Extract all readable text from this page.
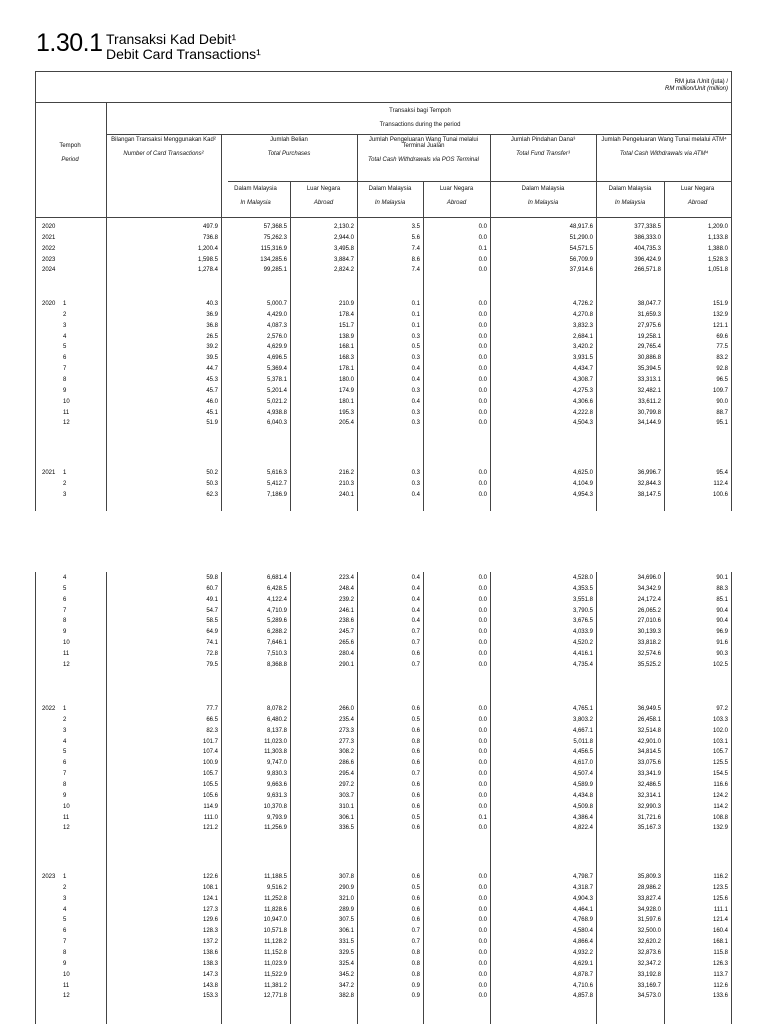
1.30.1 Transaksi Kad Debit¹
Debit Card Transactions¹
RM juta /Unit (juta) /
RM million/Unit (million)
Tempoh
Period
Transaksi bagi Tempoh
Transactions during the period
Bilangan Transaksi Menggunakan Kad²
Number of Card Transactions²
Jumlah Belian
Total Purchases
Jumlah Pengeluaran Wang Tunai melalui
Terminal Jualan
Total Cash Withdrawals via POS Terminal
Jumlah Pindahan Dana³
Total Fund Transfer³
Jumlah Pengeluaran Wang Tunai melalui ATM⁴
Total Cash Withdrawals via ATM⁴
Dalam Malaysia
In Malaysia
Luar Negara
Abroad
Dalam Malaysia
In Malaysia
Luar Negara
Abroad
Dalam Malaysia
In Malaysia
Dalam Malaysia
In Malaysia
Luar Negara
Abroad
2020	497.9	57,368.5	2,130.2	3.5	0.0	48,917.6	377,338.5	1,209.0
2021	736.8	75,262.3	2,944.0	5.6	0.0	51,290.0	386,333.0	1,133.8
2022	1,200.4	115,316.9	3,495.8	7.4	0.1	54,571.5	404,735.3	1,388.0
2023	1,598.5	134,285.6	3,884.7	8.6	0.0	56,709.9	396,424.9	1,528.3
2024	1,278.4	99,285.1	2,824.2	7.4	0.0	37,914.6	266,571.8	1,051.8
2020 1	40.3	5,000.7	210.9	0.1	0.0	4,726.2	38,047.7	151.9
2	36.9	4,429.0	178.4	0.1	0.0	4,270.8	31,659.3	132.9
3	36.8	4,087.3	151.7	0.1	0.0	3,832.3	27,975.6	121.1
4	26.5	2,576.0	138.9	0.3	0.0	2,684.1	19,258.1	69.6
5	39.2	4,629.9	168.1	0.5	0.0	3,420.2	29,765.4	77.5
6	39.5	4,696.5	168.3	0.3	0.0	3,931.5	30,886.8	83.2
7	44.7	5,369.4	178.1	0.4	0.0	4,434.7	35,394.5	92.8
8	45.3	5,378.1	180.0	0.4	0.0	4,308.7	33,313.1	96.5
9	45.7	5,201.4	174.9	0.3	0.0	4,275.3	32,482.1	109.7
10	46.0	5,021.2	180.1	0.4	0.0	4,306.6	33,611.2	90.0
11	45.1	4,938.8	195.3	0.3	0.0	4,222.8	30,799.8	88.7
12	51.9	6,040.3	205.4	0.3	0.0	4,504.3	34,144.9	95.1
2021 1	50.2	5,616.3	216.2	0.3	0.0	4,625.0	36,996.7	95.4
2	50.3	5,412.7	210.3	0.3	0.0	4,104.9	32,844.3	112.4
3	62.3	7,186.9	240.1	0.4	0.0	4,954.3	38,147.5	100.6
4	59.8	6,681.4	223.4	0.4	0.0	4,528.0	34,696.0	90.1
5	60.7	6,428.5	248.4	0.4	0.0	4,353.5	34,342.9	88.3
6	49.1	4,122.4	239.2	0.4	0.0	3,551.8	24,172.4	85.1
7	54.7	4,710.9	246.1	0.4	0.0	3,790.5	26,065.2	90.4
8	58.5	5,289.6	238.6	0.4	0.0	3,676.5	27,010.6	90.4
9	64.9	6,288.2	245.7	0.7	0.0	4,033.9	30,139.3	96.9
10	74.1	7,646.1	265.6	0.7	0.0	4,520.2	33,818.2	91.6
11	72.8	7,510.3	280.4	0.6	0.0	4,416.1	32,574.6	90.3
12	79.5	8,368.8	290.1	0.7	0.0	4,735.4	35,525.2	102.5
2022 1	77.7	8,078.2	266.0	0.6	0.0	4,765.1	36,949.5	97.2
2	66.5	6,480.2	235.4	0.5	0.0	3,803.2	26,458.1	103.3
3	82.3	8,137.8	273.3	0.6	0.0	4,667.1	32,514.8	102.0
4	101.7	11,023.0	277.3	0.8	0.0	5,011.8	42,901.0	103.1
5	107.4	11,303.8	308.2	0.6	0.0	4,456.5	34,814.5	105.7
6	100.9	9,747.0	286.6	0.6	0.0	4,617.0	33,075.6	125.5
7	105.7	9,830.3	295.4	0.7	0.0	4,507.4	33,341.9	154.5
8	105.5	9,663.6	297.2	0.6	0.0	4,589.9	32,486.5	116.6
9	105.6	9,631.3	303.7	0.6	0.0	4,434.8	32,314.1	124.2
10	114.9	10,370.8	310.1	0.6	0.0	4,509.8	32,990.3	114.2
11	111.0	9,793.9	306.1	0.5	0.1	4,386.4	31,721.6	108.8
12	121.2	11,256.9	336.5	0.6	0.0	4,822.4	35,167.3	132.9
2023 1	122.6	11,188.5	307.8	0.6	0.0	4,798.7	35,809.3	116.2
2	108.1	9,516.2	290.9	0.5	0.0	4,318.7	28,986.2	123.5
3	124.1	11,252.8	321.0	0.6	0.0	4,904.3	33,827.4	125.6
4	127.3	11,828.6	289.9	0.6	0.0	4,464.1	34,928.0	111.1
5	129.6	10,947.0	307.5	0.6	0.0	4,768.9	31,597.6	121.4
6	128.3	10,571.8	306.1	0.7	0.0	4,580.4	32,500.0	160.4
7	137.2	11,128.2	331.5	0.7	0.0	4,866.4	32,620.2	168.1
8	138.6	11,152.8	329.5	0.8	0.0	4,932.2	32,873.6	115.8
9	138.3	11,023.9	325.4	0.8	0.0	4,629.1	32,347.2	126.3
10	147.3	11,522.9	345.2	0.8	0.0	4,878.7	33,192.8	113.7
11	143.8	11,381.2	347.2	0.9	0.0	4,710.6	33,169.7	112.6
12	153.3	12,771.8	382.8	0.9	0.0	4,857.8	34,573.0	133.6
